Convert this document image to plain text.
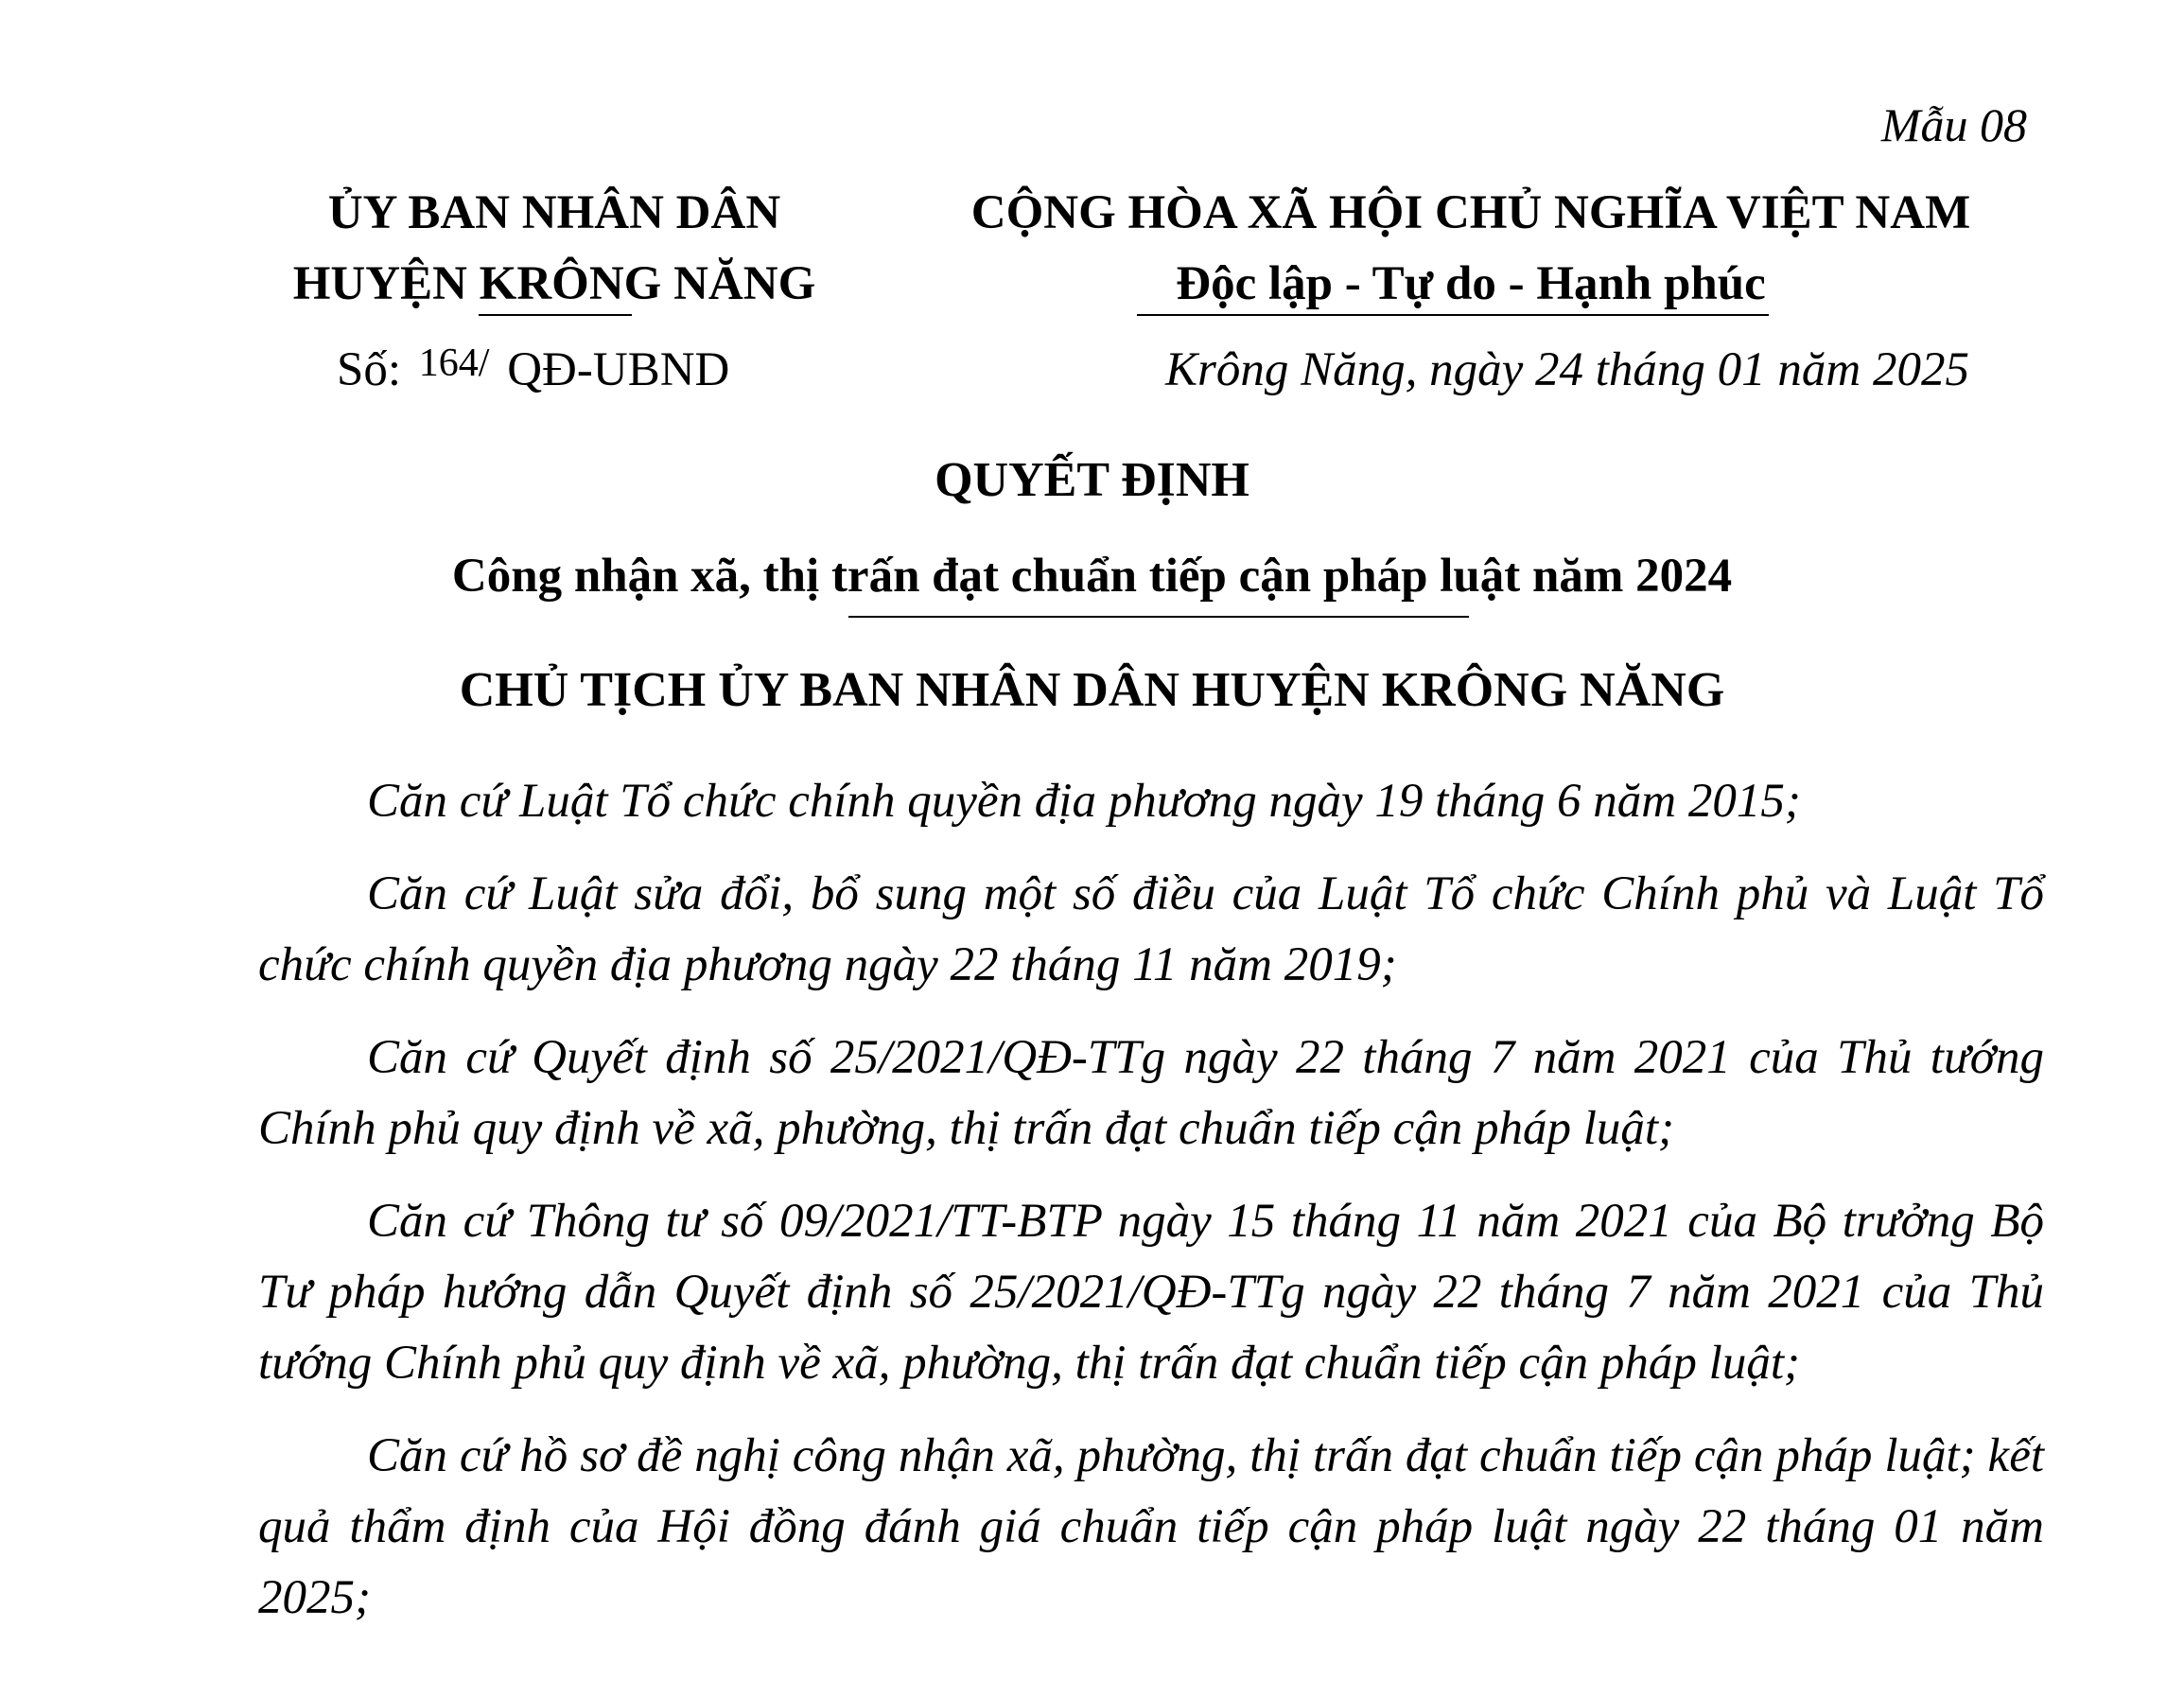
Mẫu 08
ỦY BAN NHÂN DÂN
HUYỆN KRÔNG NĂNG
CỘNG HÒA XÃ HỘI CHỦ NGHĨA VIỆT NAM
Độc lập - Tự do - Hạnh phúc
Số: 164/ QĐ-UBND	Krông Năng, ngày 24 tháng 01 năm 2025
QUYẾT ĐỊNH
Công nhận xã, thị trấn đạt chuẩn tiếp cận pháp luật năm 2024
CHỦ TỊCH ỦY BAN NHÂN DÂN HUYỆN KRÔNG NĂNG

Căn cứ Luật Tổ chức chính quyền địa phương ngày 19 tháng 6 năm 2015;

Căn cứ Luật sửa đổi, bổ sung một số điều của Luật Tổ chức Chính phủ và Luật Tổ chức chính quyền địa phương ngày 22 tháng 11 năm 2019;

Căn cứ Quyết định số 25/2021/QĐ-TTg ngày 22 tháng 7 năm 2021 của Thủ tướng Chính phủ quy định về xã, phường, thị trấn đạt chuẩn tiếp cận pháp luật;

Căn cứ Thông tư số 09/2021/TT-BTP ngày 15 tháng 11 năm 2021 của Bộ trưởng Bộ Tư pháp hướng dẫn Quyết định số 25/2021/QĐ-TTg ngày 22 tháng 7 năm 2021 của Thủ tướng Chính phủ quy định về xã, phường, thị trấn đạt chuẩn tiếp cận pháp luật;

Căn cứ hồ sơ đề nghị công nhận xã, phường, thị trấn đạt chuẩn tiếp cận pháp luật; kết quả thẩm định của Hội đồng đánh giá chuẩn tiếp cận pháp luật ngày 22 tháng 01 năm 2025;
